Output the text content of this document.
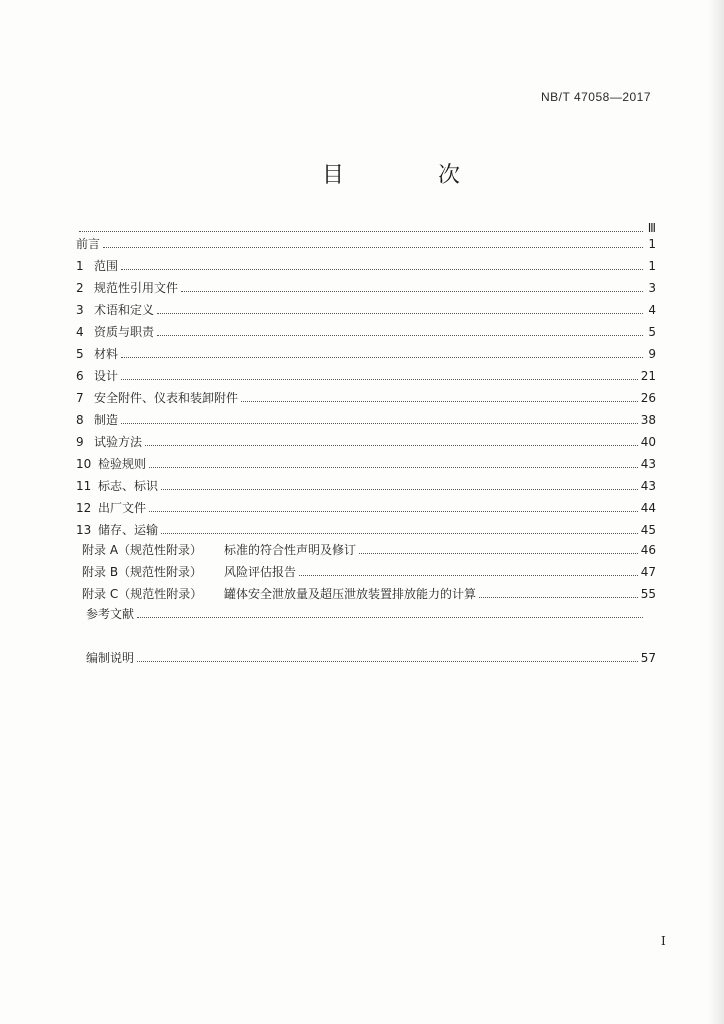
NB/T 47058—2017
目　次
Ⅲ
前言	1
1 范围	1
2 规范性引用文件	3
3 术语和定义	4
4 资质与职责	5
5 材料	9
6 设计	21
7 安全附件、仪表和装卸附件	26
8 制造	38
9 试验方法	40
10 检验规则	43
11 标志、标识	43
12 出厂文件	44
13 储存、运输	45
附录 A（规范性附录）	标准的符合性声明及修订	46
附录 B（规范性附录）	风险评估报告	47
附录 C（规范性附录）	罐体安全泄放量及超压泄放装置排放能力的计算	55
参考文献
编制说明	57
I
